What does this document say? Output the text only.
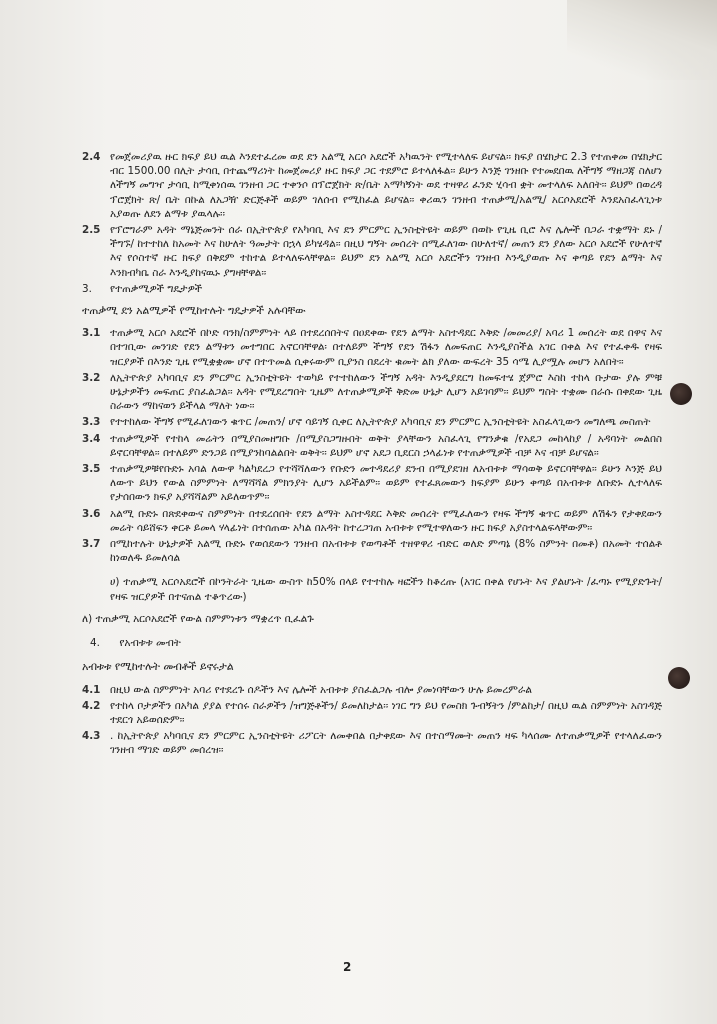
2.4 የመጀመሪያዉ ዙር ክፍያ ይህ ዉል እንደተፈረመ ወደ ደን አልሚ አርሶ አደሮች አካዉንት የሚተላለፍ ይሆናል፡፡ ክፍያ በሄክታር 2.3 የተጠቀመ በሄክታር ብር 1500.00 በሊት ታሳቢ በተጨማሪነት ከመጀመሪያ ዙር ክፍያ ጋር ተደምሮ ይተላለፋል፡፡ ይሁን እንጅ ገንዘቡ የተመደበዉ ለችግኝ ማዘጋጃ ስለሆነ ለችግኝ መግዣ ታሳቢ ከሚቀነሰዉ ገንዘብ ጋር ተቀንሶ በፕሮጀክት ጽ/ቤት አማካኝነት ወደ ተዛዋሪ ፈንድ ሂሳብ ቋት መተላለፍ አለበት፡፡ ይህም በወረዳ ፕሮጀክት ጽ/ ቤት በኩል ለአጋዥ ድርጅቶች ወይም ገለሰብ የሚከፈል ይሆናል፡፡ ቀሪዉን ገንዘብ ተጠቃሚ/አልሚ/ አርሶአደሮች እንደአስፈላጊነቱ አያወጡ ለደን ልማቱ ያዉላሉ፡፡
2.5 የፕሮግራም አዳት ማኔጅመንት ሰራ በኢትዮጵያ የአካባቢ እና ደን ምርምር ኢንስቲትዩት ወይም በወኩ የጊዜ ቢሮ እና ሌሎች በጋራ ተቋማት ደኑ /ችግኙ/ ከተተከለ ከአመት እና ከሁለት ዓመታት በኋላ ይካሄዳል፡፡ በዚህ ግኝት መሰረት በሚፈለገው በሁለተኛ/ መጠን ደን ያለው አርሶ አደሮች የሁለተኛ እና የሶስተኛ ዙር ክፍያ በቅደም ተከተል ይተላለፍላቸዋል፡፡ ይህም ደን አልሚ አርሶ አደሮችን ገንዘብ እንዲያወጡ እና ቀጣይ የደን ልማት እና እንክብካቤ ስራ እንዲያከናዉኑ ያግዛቸዋል፡፡
3.	የተጠቃሚዎች ግዴታዎች
ተጠቃሚ ደን አልሚዎች የሚከተሉት ግዴታዎች አሉባቸው
3.1 ተጠቃሚ አርሶ አደሮች በኮድ ባንክ/ስምምነት ላይ በተደረሰበትና በዐደቀው የደን ልማት አስተዳደር እቅድ /መመሪያ/ አባሪ 1 መሰረት ወደ በዋና እና በተገቢው መንገድ የደን ልማቱን መተግበር አኖርባቸዋል፡ በተለይም ችግኝ የደን ሽፋን ለመፍጠር እንዲያስችል አገር በቀል እና የተፈቀዱ የዛፍ ዝርያዎች በእንድ ጊዜ የሚቋቋሙ ሆኖ በተጥመል ሲቀሩውም ቢያንስ በደረት ቁመት ልክ ያለው ውፍረት 35 ሳሜ ሊያሟሉ መሆን አለበት፡፡
3.2 ለኢትዮጵያ አካባቢና ደን ምርምር ኢንስቲትዩት ተወካይ የተተከለውን ችግኝ አዳት እንዲያደርግ ከመፍተሄ ጀምሮ እስከ ተከላ ቡታው ያሉ ምቹ ሁኔታዎችን መፍጠር ያስፈልጋል፡፡ አዳት የሚደረግበት ጊዜም ለተጠቃሚዎች ቅድመ ሁኔታ ሊሆን አይገባም፡፡ ይህም ግስት ተቋሙ በራሱ በቀደው ጊዜ ስራውን ማከናወን ይችላል ማለት ነው፡፡
3.3 የተተከለው ችግኝ የሚፈለገውን ቁጥር /መጠን/ ሆኖ ሳይገኝ ሲቀር ለኢትዮጵያ አካባቢና ደን ምርምር ኢንስቲትዩት አስፈላጊውን መግለጫ መስጠት
3.4 ተጠቃሚዎች የተከላ መሬትን በሚያስመዘግቡ /በሚያስጋግዙበት ወቅት ያላቸውን አስፈላጊ የግንቃቁ /የአደጋ መከላከያ / አዳባነት መልበስ ይኖርባቸዋል፡፡ በተለይም ድንጋይ በሚያንከባልልበት ወቅት፡፡ ይህም ሆኖ አደጋ ቢደርስ ኃላፊነቱ የተጠቃሚዎች ብቻ እና ብቻ ይሆናል፡፡
3.5 ተጠቃሚዎቹየቡድኑ አባል ለውዋ ካልካደረጋ የተሻሻለውን የቡድን መተዳደሪያ ደንብ በሚያደገዘ ለአብቱቱ ማሳወቅ ይኖርባቸዋል፡፡ ይሁን እንጅ ይህ ለውጥ ይህን የውል ስምምነት ለማሻሻል ምክንያት ሊሆን አይችልም፡፡ ወይም የተፈጸመውን ክፍያም ይሁን ቀጣይ በአብቱቱ ለቡድኑ ሊተላለፍ የታሰበውን ክፍያ አያሻሻልም አይለወጥም፡፡
3.6 አልሚ ቡድኑ በጽደቀውና ስምምነት በተደረሰበት የደን ልማት አስተዳደር እቅድ መሰረት የሚፈለውን የዛፍ ችግኝ ቁጥር ወይም ለሽፋን የታቀደውን መሬት ሳይሸፍን ቀርቶ ይመላ ሃላፊነት በተሰጠው አካል በአዳት ከተረጋገጠ አብቱቱ የሚተዋለውን ዙር ክፍያ አያስተላልፍላቸውም፡፡
3.7 በሚከተሉት ሁኔታዎች አልሚ ቡድኑ የወሰደውን ገንዘብ በአብቱቱ የወጣቶች ተዘዋዋሪ ብድር ወለድ ምጣኔ (8% ስምንት በመቶ) በአመት ተሰልቶ ከነወለዱ ይመለሳል
ሀ) ተጠቃሚ አርሶአደሮች በኮንትራት ጊዜው ውስጥ ከ50% በላይ የተተከሉ ዛፎችን ከቆረጡ (አገር በቀል የሆኑት እና ያልሆኑት /ፈጣኑ የሚያድጉት/ የዛፍ ዝርያዎች በተናጠል ተቆጥረው)
ለ) ተጠቃሚ አርሶአደሮች የውል ስምምነቱን ማቋረጥ ቢፈልጉ
4. የአብቱቱ መብት
አብቱቱ የሚከተሉት መብቶች ይኖሩታል
4.1 በዚህ ውል ስምምነት አባሪ የተደረጉ ሰዶችን እና ሌሎች አብቱቱ ያስፈልጋሉ ብሎ ያመነባቸውን ሁሉ ይመረምራል
4.2 የተከላ ቦታዎችን በአካል ያያል የተሰሩ ስራዎችን /ዝግጅቶችን/ ይመለከታል፡፡ ነገር ግን ይህ የመስክ ጉብኝትን /ምልከታ/ በዚህ ዉል ስምምነት አስገዳጅ ተደርጎ አይወሰድም፡፡
4.3 . ከኢትዮጵያ አካባቢና ደን ምርምር ኢንስቲትዩት ሪፖርት ለመቀበል በታቀደው እና በተስማሙት መጠን ዛፍ ካላሰሙ ለተጠቃሚዎች የተላለፈውን ገንዘብ ማገድ ወይም መሰረዝ፡፡
2
